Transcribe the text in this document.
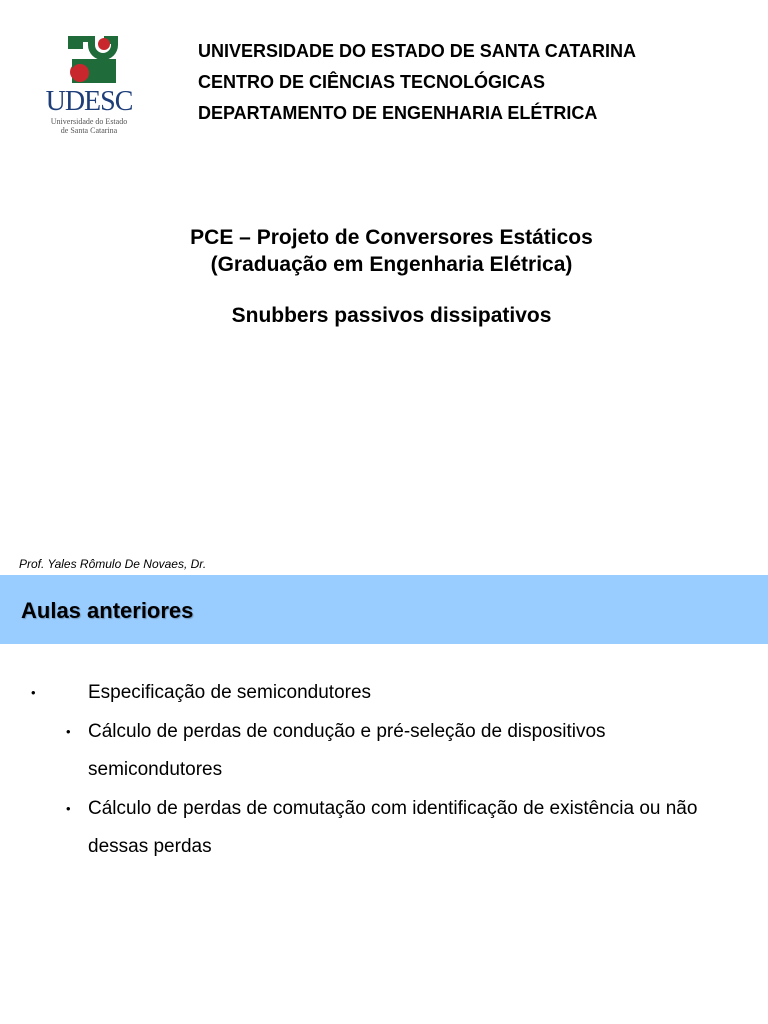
UDESC
Universidade do Estado
de Santa Catarina
UNIVERSIDADE DO ESTADO DE SANTA CATARINA
CENTRO DE CIÊNCIAS TECNOLÓGICAS
DEPARTAMENTO DE ENGENHARIA ELÉTRICA
PCE – Projeto de Conversores Estáticos
(Graduação em Engenharia Elétrica)
Snubbers passivos dissipativos
Prof. Yales Rômulo De Novaes, Dr.
Aulas anteriores
•	Especificação de semicondutores
• Cálculo de perdas de condução e pré-seleção de dispositivos semicondutores
• Cálculo de perdas de comutação com identificação de existência ou não dessas perdas
